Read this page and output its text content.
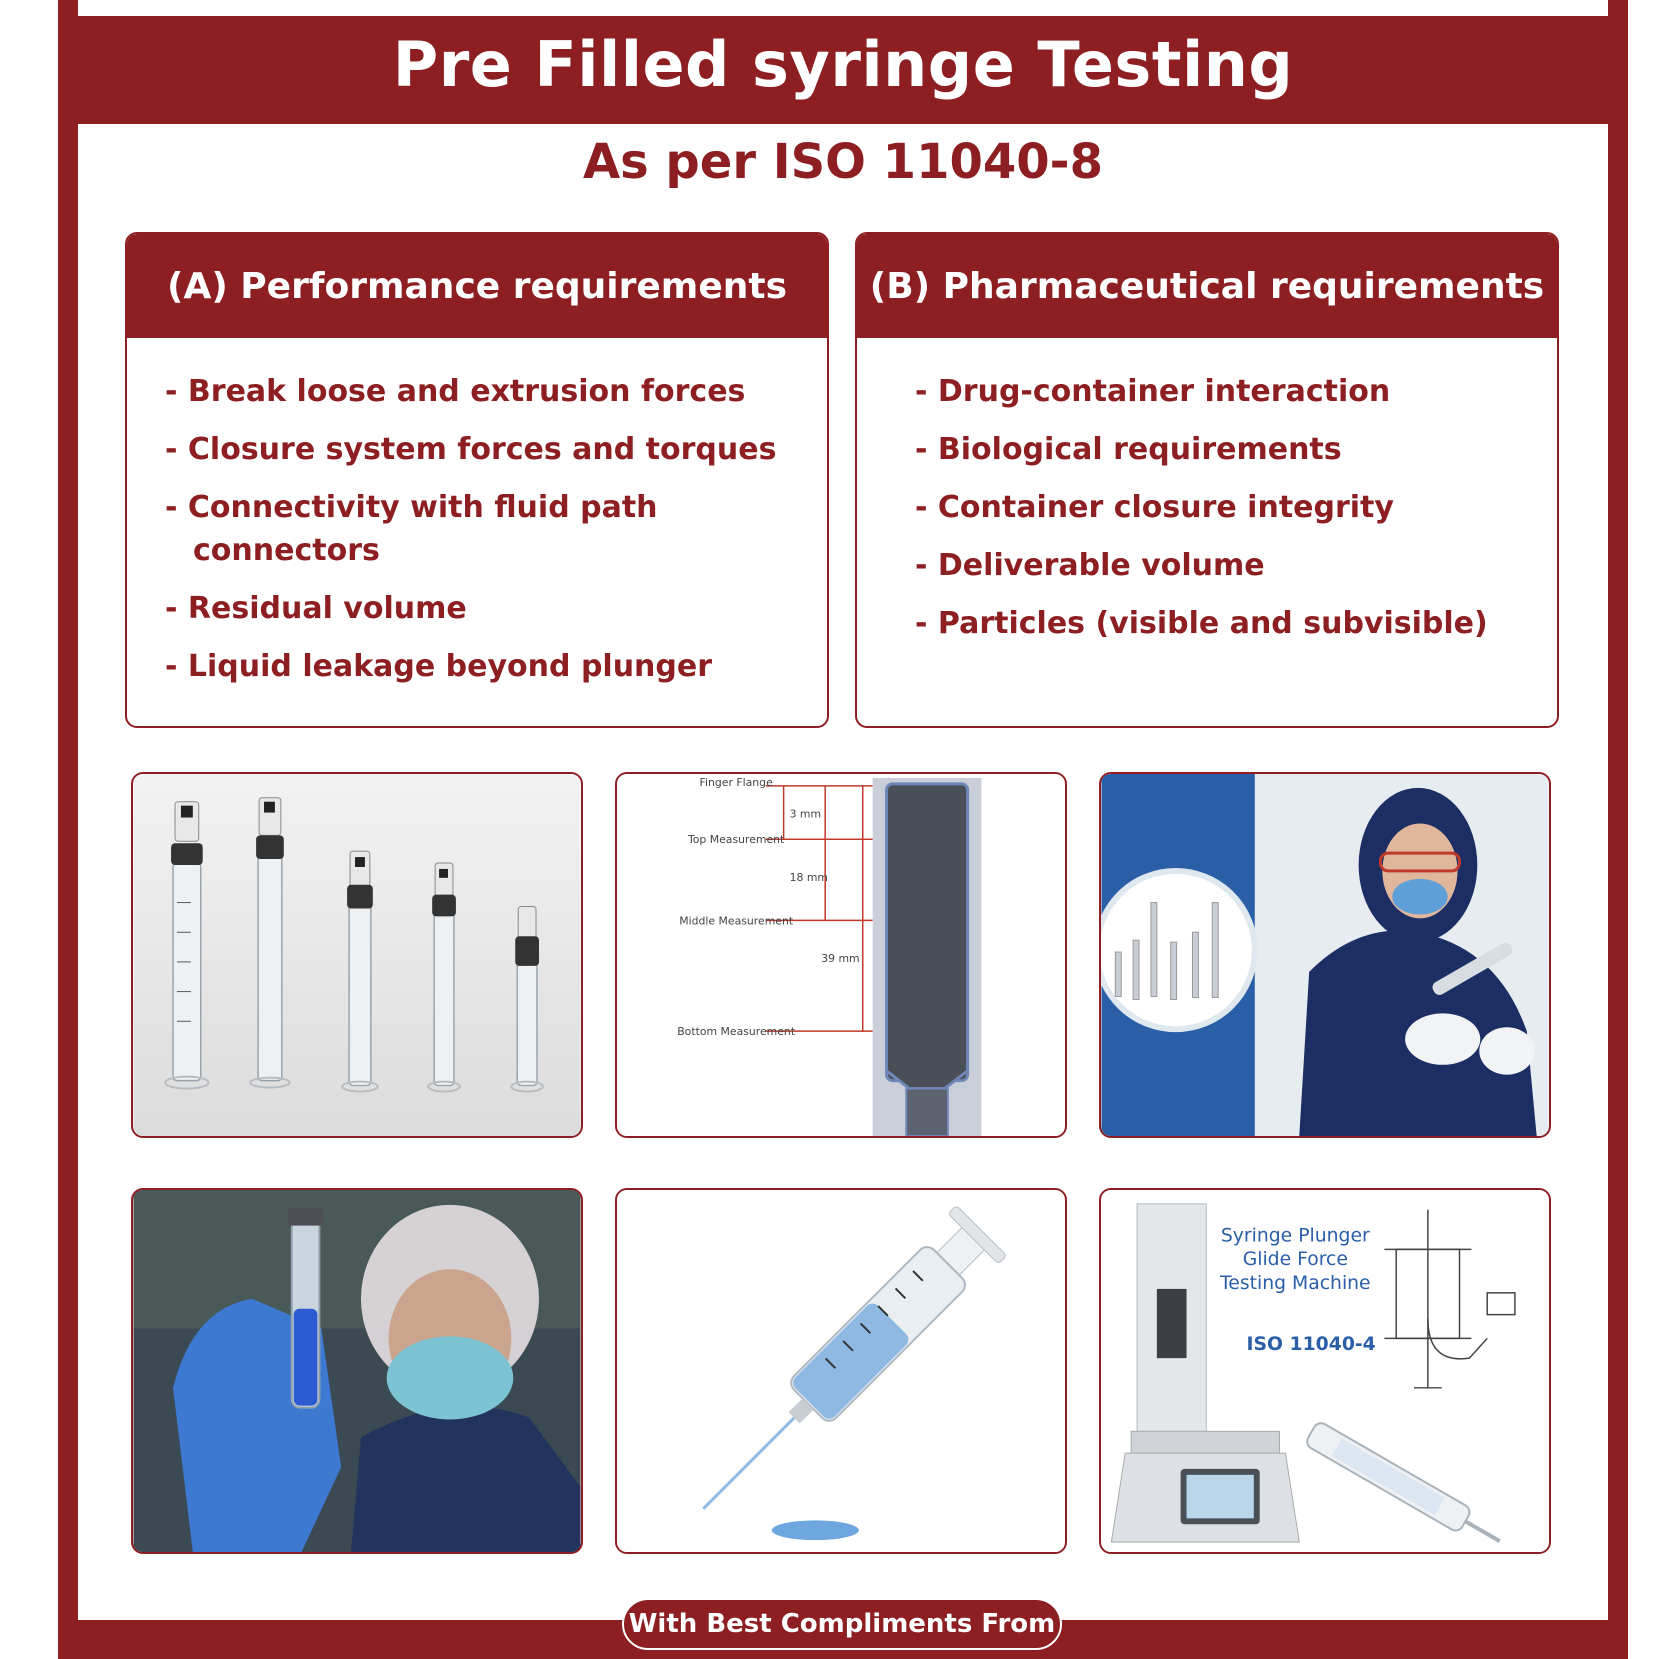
Pre Filled syringe Testing
As per ISO 11040-8
(A) Performance requirements
- Break loose and extrusion forces
- Closure system forces and torques
- Connectivity with fluid path connectors
- Residual volume
- Liquid leakage beyond plunger
(B) Pharmaceutical requirements
- Drug-container interaction
- Biological requirements
- Container closure integrity
- Deliverable volume
- Particles (visible and subvisible)
Finger Flange
Top Measurement
Middle Measurement
Bottom Measurement
3 mm
18 mm
39 mm
Syringe Plunger
Glide Force
Testing Machine
ISO 11040-4
With Best Compliments From
